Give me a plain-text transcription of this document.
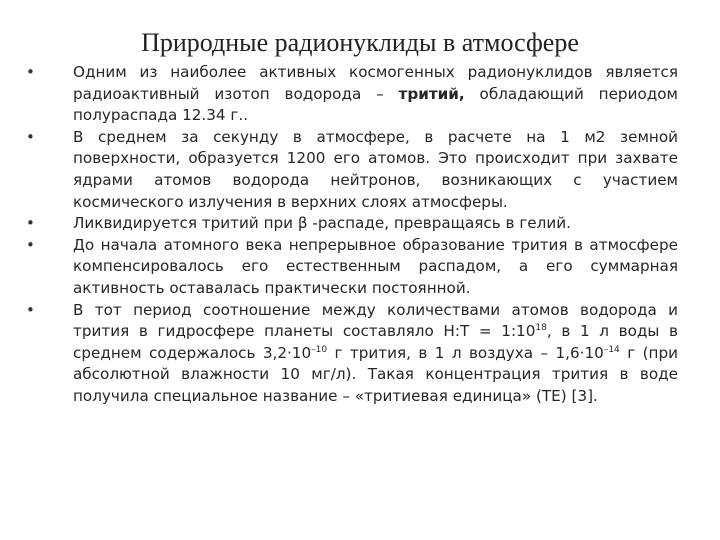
Природные радионуклиды в атмосфере
•	Одним из наиболее активных космогенных радионуклидов является радиоактивный изотоп водорода – тритий, обладающий периодом полураспада 12.34 г..
•	В среднем за секунду в атмосфере, в расчете на 1 м2 земной поверхности, образуется 1200 его атомов. Это происходит при захвате ядрами атомов водорода нейтронов, возникающих с участием космического излучения в верхних слоях атмосферы.
•	Ликвидируется тритий при β -распаде, превращаясь в гелий.
•	До начала атомного века непрерывное образование трития в атмосфере компенсировалось его естественным распадом, а его суммарная активность оставалась практически постоянной.
•	В тот период соотношение между количествами атомов водорода и трития в гидросфере планеты составляло Н:Т = $1:10^{18}$, в 1 л воды в среднем содержалось $3,2\cdot 10^{-10}$ г трития, в 1 л воздуха – $1,6\cdot 10^{-14}$ г (при абсолютной влажности 10 мг/л). Такая концентрация трития в воде получила специальное название – «тритиевая единица» (ТЕ) [3].
